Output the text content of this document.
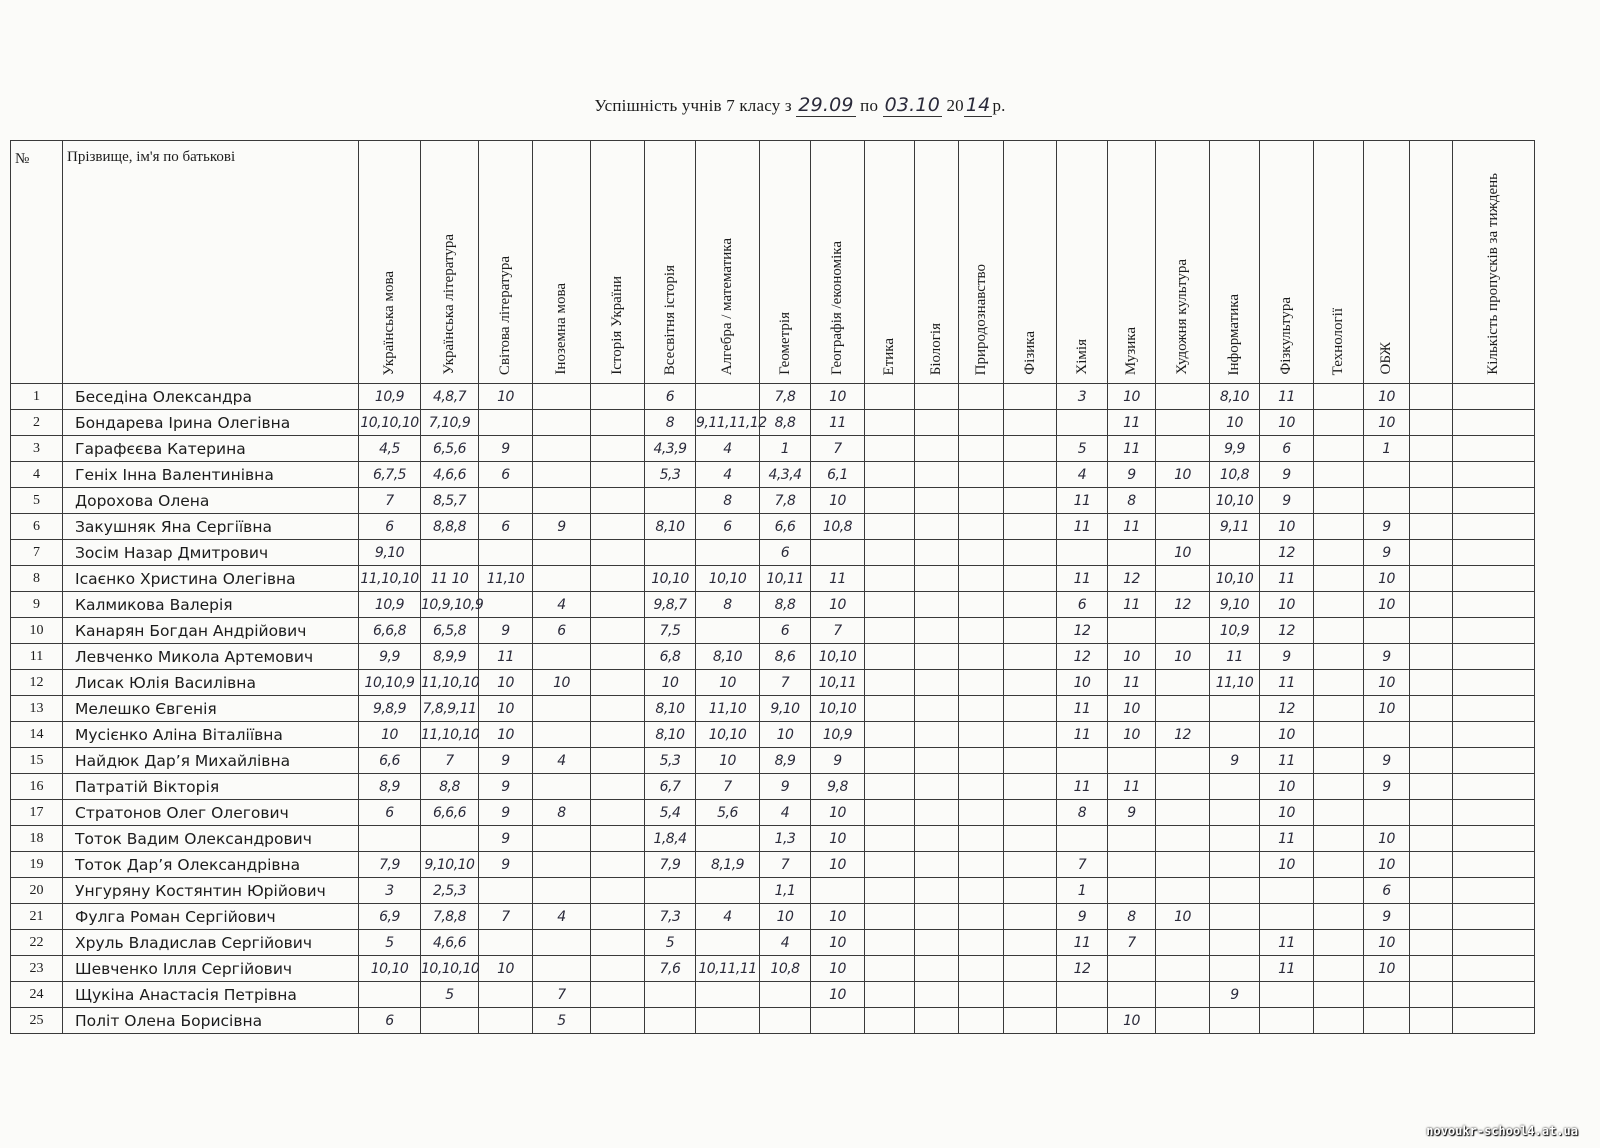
Успішність учнів 7 класу з 29.09 по 03.10 20 14 р.
№	Прізвище, ім'я по батькові	Українська мова	Українська література	Світова література	Іноземна мова	Історія України	Всесвітня історія	Алгебра / математика	Геометрія	Географія /економіка	Етика	Біологія	Природознавство	Фізика	Хімія	Музика	Художня культура	Інформатика	Фізкультура	Технології	ОБЖ		Кількість пропусків за тиждень

1	Беседіна Олександра	10,9	4,8,7	10			6		7,8	10					3	10		8,10	11		10		
2	Бондарева Ірина Олегівна	10,10,10	7,10,9				8	9,11,11,12	8,8	11						11		10	10		10		
3	Гарафєєва Катерина	4,5	6,5,6	9			4,3,9	4	1	7					5	11		9,9	6		1		
4	Геніх Інна Валентинівна	6,7,5	4,6,6	6			5,3	4	4,3,4	6,1					4	9	10	10,8	9				
5	Дорохова Олена	7	8,5,7					8	7,8	10					11	8		10,10	9				
6	Закушняк Яна Сергіївна	6	8,8,8	6	9		8,10	6	6,6	10,8					11	11		9,11	10		9		
7	Зосім Назар Дмитрович	9,10							6								10		12		9		
8	Ісаєнко Христина Олегівна	11,10,10	11 10	11,10			10,10	10,10	10,11	11					11	12		10,10	11		10		
9	Калмикова Валерія	10,9	10,9,10,9		4		9,8,7	8	8,8	10					6	11	12	9,10	10		10		
10	Канарян Богдан Андрійович	6,6,8	6,5,8	9	6		7,5		6	7					12			10,9	12				
11	Левченко Микола Артемович	9,9	8,9,9	11			6,8	8,10	8,6	10,10					12	10	10	11	9		9		
12	Лисак Юлія Василівна	10,10,9	11,10,10	10	10		10	10	7	10,11					10	11		11,10	11		10		
13	Мелешко Євгенія	9,8,9	7,8,9,11	10			8,10	11,10	9,10	10,10					11	10			12		10		
14	Мусієнко Аліна Віталіївна	10	11,10,10	10			8,10	10,10	10	10,9					11	10	12		10				
15	Найдюк Дар’я Михайлівна	6,6	7	9	4		5,3	10	8,9	9								9	11		9		
16	Патратій Вікторія	8,9	8,8	9			6,7	7	9	9,8					11	11			10		9		
17	Стратонов Олег Олегович	6	6,6,6	9	8		5,4	5,6	4	10					8	9			10				
18	Тоток Вадим Олександрович			9			1,8,4		1,3	10									11		10		
19	Тоток Дар’я Олександрівна	7,9	9,10,10	9			7,9	8,1,9	7	10					7				10		10		
20	Унгуряну Костянтин Юрійович	3	2,5,3						1,1						1						6		
21	Фулга Роман Сергійович	6,9	7,8,8	7	4		7,3	4	10	10					9	8	10				9		
22	Хруль Владислав Сергійович	5	4,6,6				5		4	10					11	7			11		10		
23	Шевченко Ілля Сергійович	10,10	10,10,10	10			7,6	10,11,11	10,8	10					12				11		10		
24	Щукіна Анастасія Петрівна		5		7					10								9					
25	Політ Олена Борисівна	6			5											10							
novoukr-school4.at.ua
